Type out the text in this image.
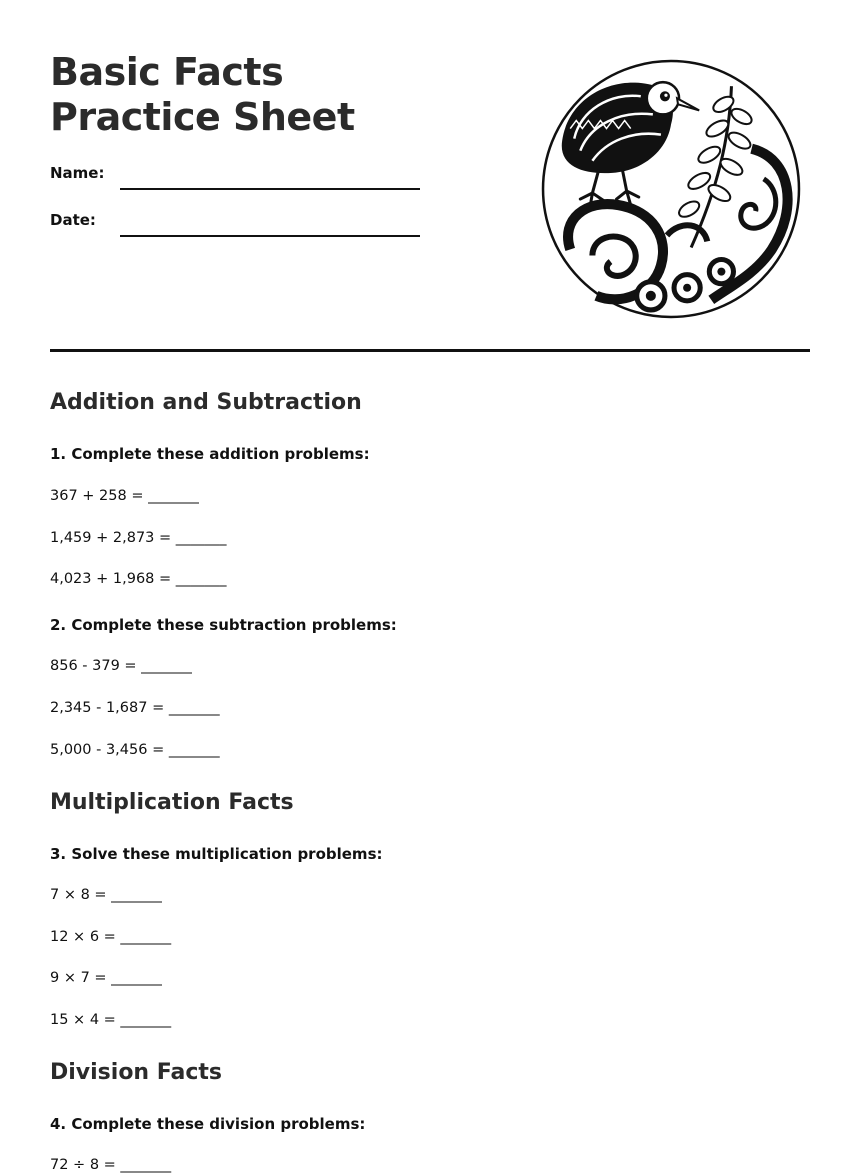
Basic Facts Practice Sheet
Name:
Date:
Addition and Subtraction

1. Complete these addition problems:

367 + 258 = _______

1,459 + 2,873 = _______

4,023 + 1,968 = _______

2. Complete these subtraction problems:

856 - 379 = _______

2,345 - 1,687 = _______

5,000 - 3,456 = _______

Multiplication Facts

3. Solve these multiplication problems:

7 × 8 = _______

12 × 6 = _______

9 × 7 = _______

15 × 4 = _______

Division Facts

4. Complete these division problems:

72 ÷ 8 = _______
